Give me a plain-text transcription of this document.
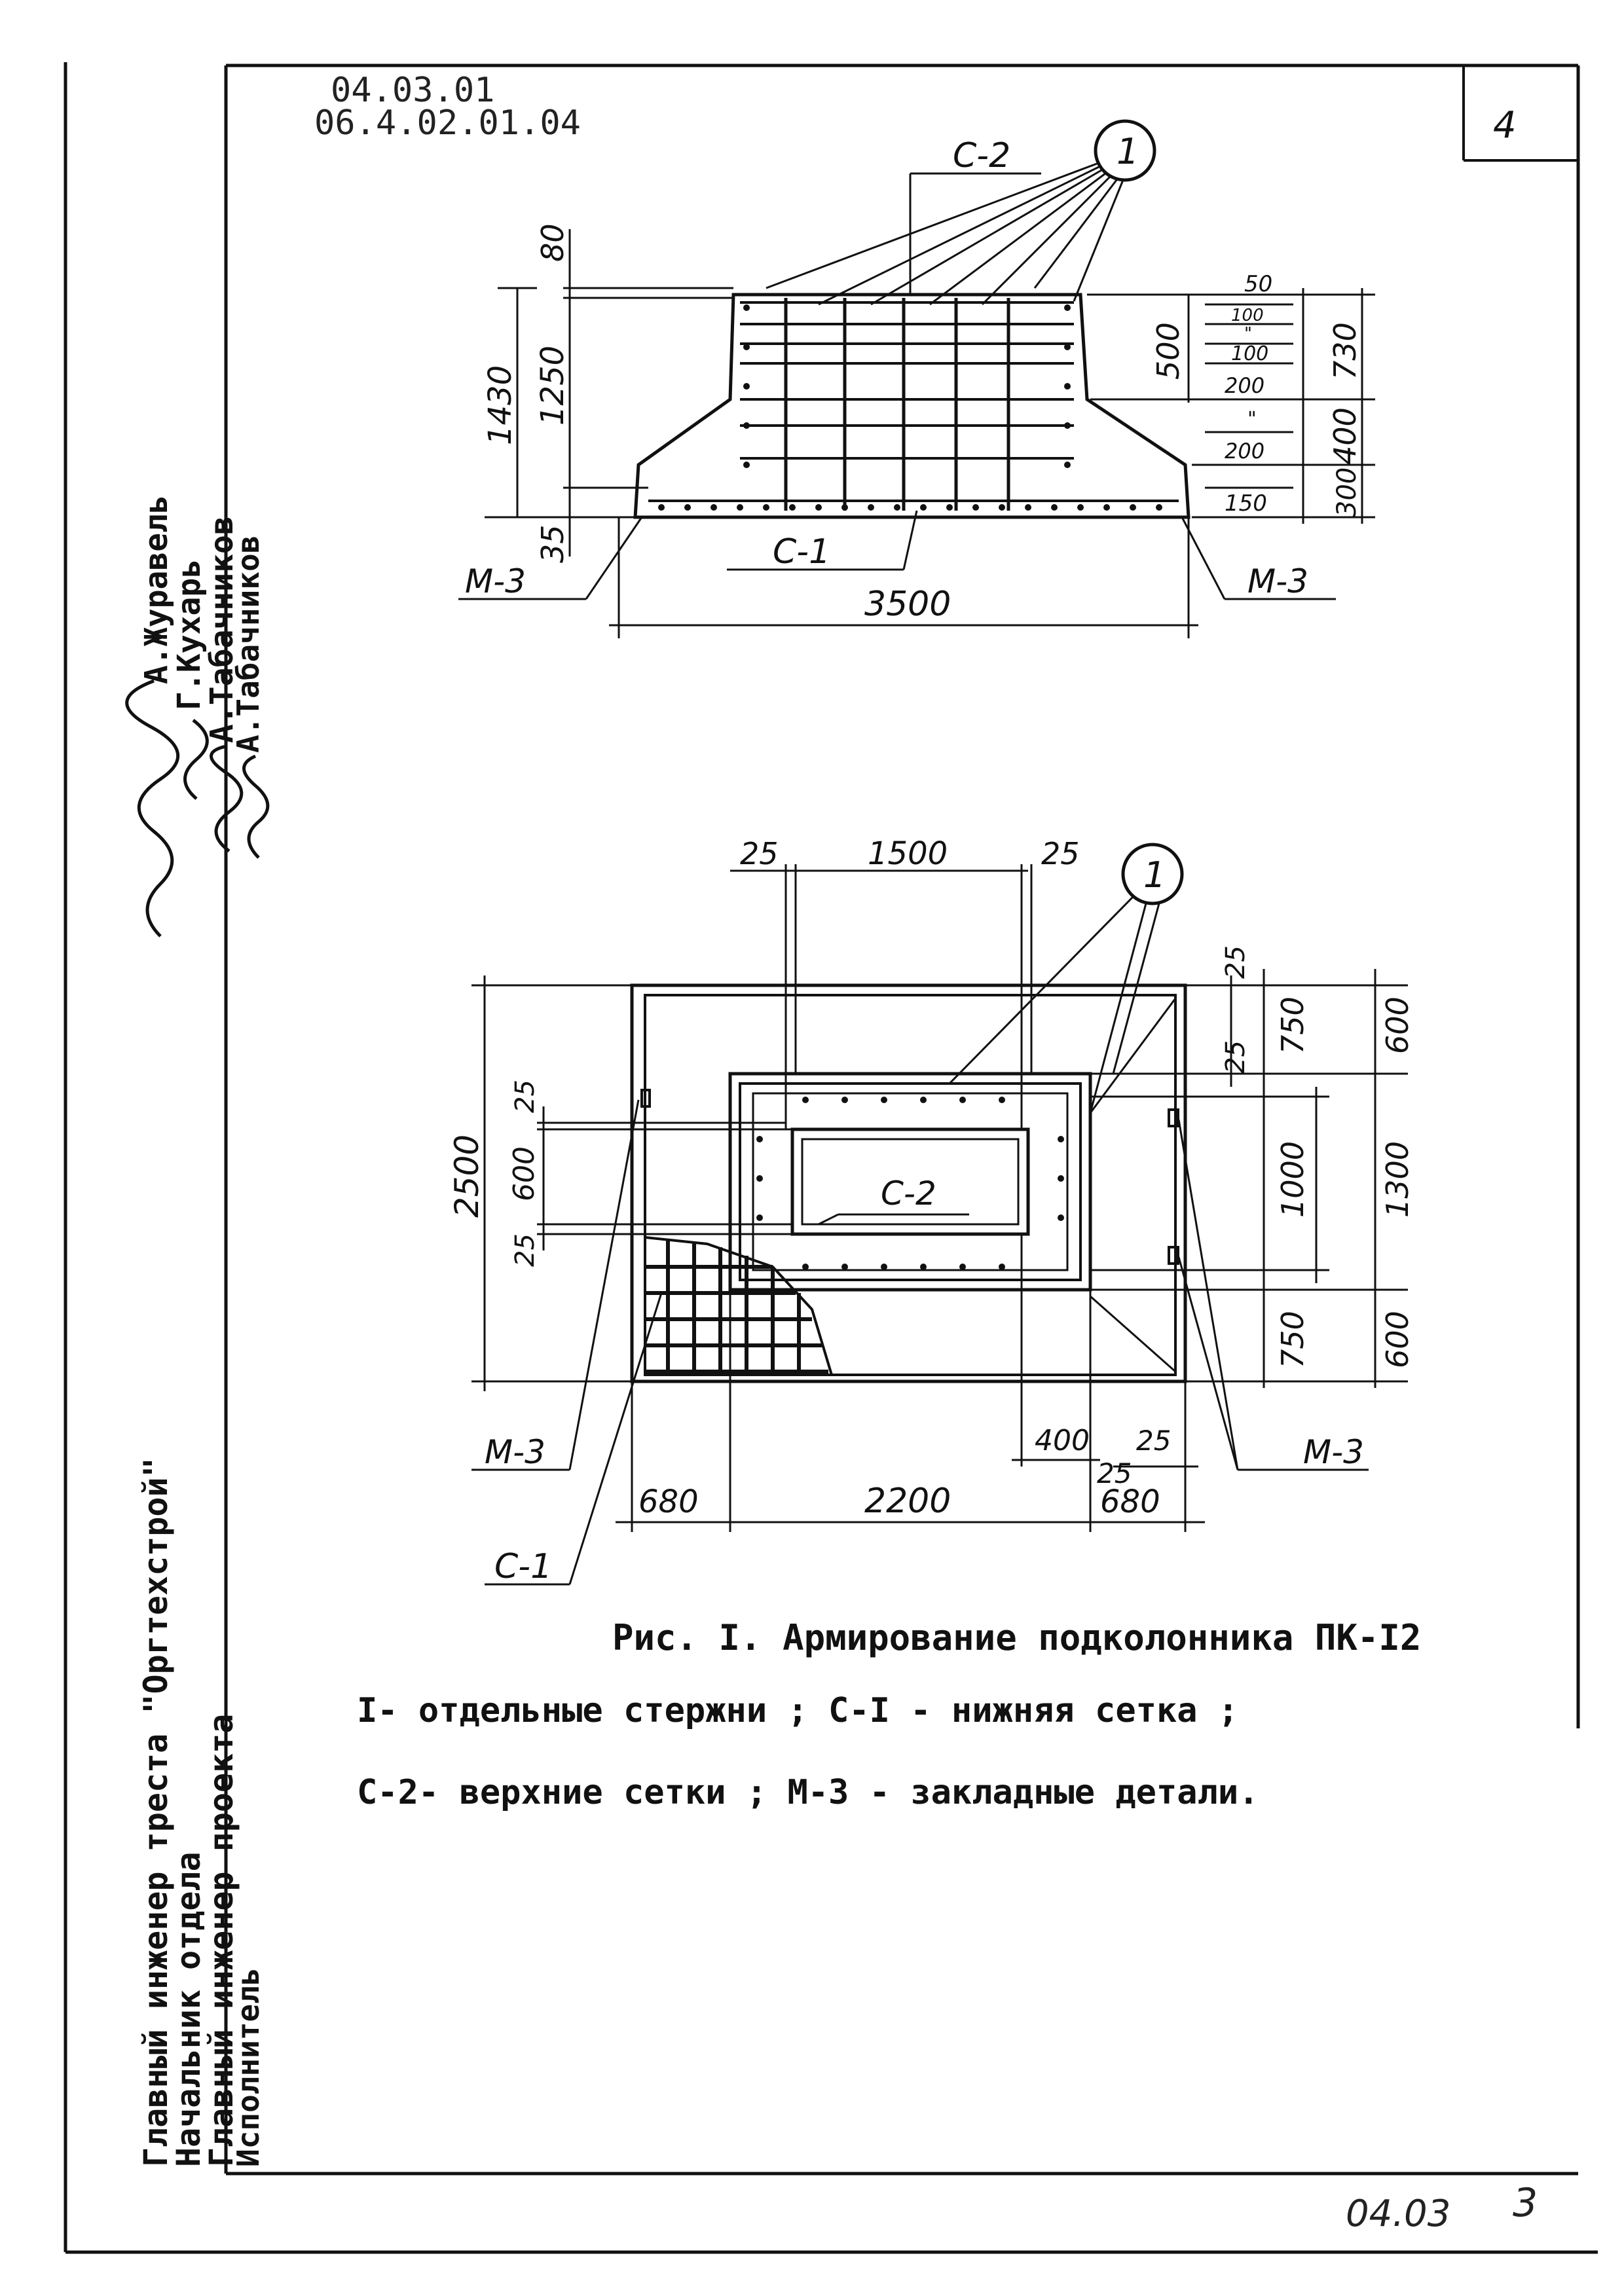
4
04.03.01
06.4.02.01.04
04.03 3
Главный инженер треста "Оргтехстрой"
Начальник отдела
Главный инженер проекта
Исполнитель
А.Журавель
Г.Кухарь
А.Табачников
А.Табачников
1
С-2
С-1
М-3	М-3
80
1250
1430
35
3500
500	730
400
300
50
100
"
100
200
"
200
150
1
С-2
С-1
М-3	М-3
25	1500	25
25
25
750 600
1000 1300
750 600
2500
25
600
25
680	2200	680
400 25
25
Рис. I. Армирование подколонника ПК-I2
I- отдельные стержни ; С-I - нижняя сетка ;
С-2- верхние сетки ; М-3 - закладные детали.
